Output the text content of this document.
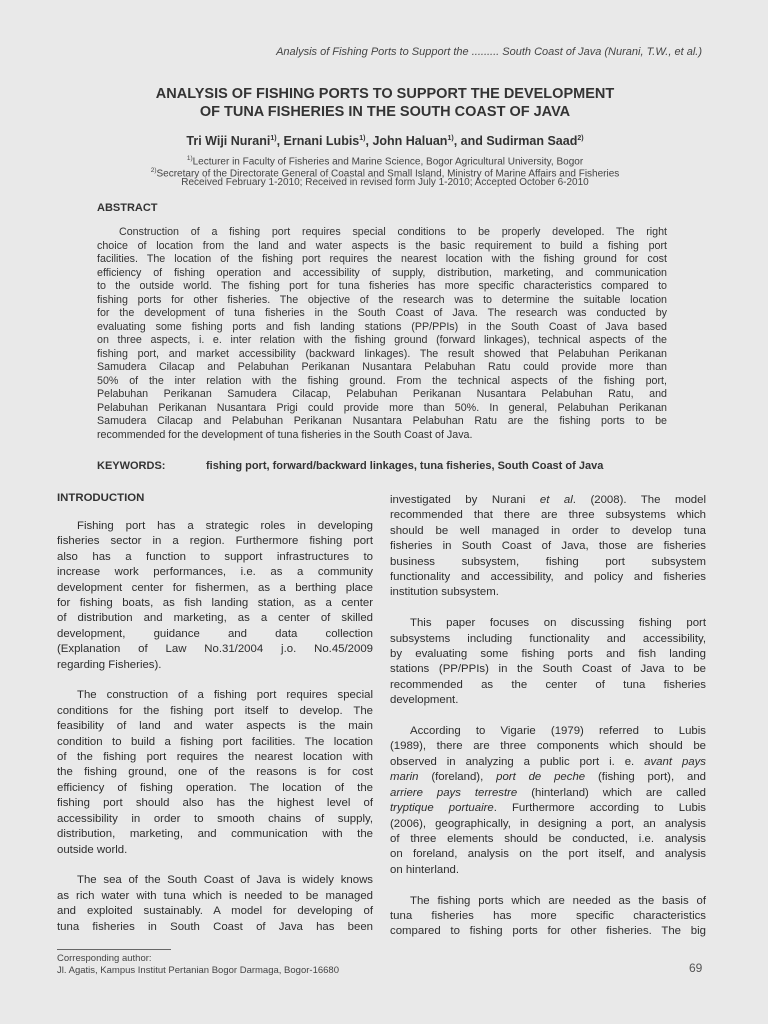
Analysis of Fishing Ports to Support the ......... South Coast of Java (Nurani, T.W., et al.)
ANALYSIS OF FISHING PORTS TO SUPPORT THE DEVELOPMENT
OF TUNA FISHERIES IN THE SOUTH COAST OF JAVA
Tri Wiji Nurani$^{1)}$, Ernani Lubis$^{1)}$, John Haluan$^{1)}$, and Sudirman Saad$^{2)}$
$^{1)}$Lecturer in Faculty of Fisheries and Marine Science, Bogor Agricultural University, Bogor
$^{2)}$Secretary of the Directorate General of Coastal and Small Island, Ministry of Marine Affairs and Fisheries
Received February 1-2010; Received in revised form July 1-2010; Accepted October 6-2010
ABSTRACT
Construction of a fishing port requires special conditions to be properly developed. The right
choice of location from the land and water aspects is the basic requirement to build a fishing port
facilities. The location of the fishing port requires the nearest location with the fishing ground for cost
efficiency of fishing operation and accessibility of supply, distribution, marketing, and communication
to the outside world. The fishing port for tuna fisheries has more specific characteristics compared to
fishing ports for other fisheries. The objective of the research was to determine the suitable location
for the development of tuna fisheries in the South Coast of Java. The research was conducted by
evaluating some fishing ports and fish landing stations (PP/PPIs) in the South Coast of Java based
on three aspects, i. e. inter relation with the fishing ground (forward linkages), technical aspects of the
fishing port, and market accessibility (backward linkages). The result showed that Pelabuhan Perikanan
Samudera Cilacap and Pelabuhan Perikanan Nusantara Pelabuhan Ratu could provide more than
50% of the inter relation with the fishing ground. From the technical aspects of the fishing port,
Pelabuhan Perikanan Samudera Cilacap, Pelabuhan Perikanan Nusantara Pelabuhan Ratu, and
Pelabuhan Perikanan Nusantara Prigi could provide more than 50%. In general, Pelabuhan Perikanan
Samudera Cilacap and Pelabuhan Perikanan Nusantara Pelabuhan Ratu are the fishing ports to be
recommended for the development of tuna fisheries in the South Coast of Java.
KEYWORDS:	fishing port, forward/backward linkages, tuna fisheries, South Coast of Java
INTRODUCTION
Fishing port has a strategic roles in developing
fisheries sector in a region. Furthermore fishing port
also has a function to support infrastructures to
increase work performances, i.e. as a community
development center for fishermen, as a berthing place
for fishing boats, as fish landing station, as a center
of distribution and marketing, as a center of skilled
development, guidance and data collection
(Explanation of Law No.31/2004 j.o. No.45/2009
regarding Fisheries).
The construction of a fishing port requires special
conditions for the fishing port itself to develop. The
feasibility of land and water aspects is the main
condition to build a fishing port facilities. The location
of the fishing port requires the nearest location with
the fishing ground, one of the reasons is for cost
efficiency of fishing operation. The location of the
fishing port should also has the highest level of
accessibility in order to smooth chains of supply,
distribution, marketing, and communication with the
outside world.
The sea of the South Coast of Java is widely knows
as rich water with tuna which is needed to be managed
and exploited sustainably. A model for developing of
tuna fisheries in South Coast of Java has been
investigated by Nurani et al. (2008). The model
recommended that there are three subsystems which
should be well managed in order to develop tuna
fisheries in South Coast of Java, those are fisheries
business subsystem, fishing port subsystem
functionality and accessibility, and policy and fisheries
institution subsystem.
This paper focuses on discussing fishing port
subsystems including functionality and accessibility,
by evaluating some fishing ports and fish landing
stations (PP/PPIs) in the South Coast of Java to be
recommended as the center of tuna fisheries
development.
According to Vigarie (1979) referred to Lubis
(1989), there are three components which should be
observed in analyzing a public port i. e. avant pays
marin (foreland), port de peche (fishing port), and
arriere pays terrestre (hinterland) which are called
tryptique portuaire. Furthermore according to Lubis
(2006), geographically, in designing a port, an analysis
of three elements should be conducted, i.e. analysis
on foreland, analysis on the port itself, and analysis
on hinterland.
The fishing ports which are needed as the basis of
tuna fisheries has more specific characteristics
compared to fishing ports for other fisheries. The big
Corresponding author:
Jl. Agatis, Kampus Institut Pertanian Bogor Darmaga, Bogor-16680	69
